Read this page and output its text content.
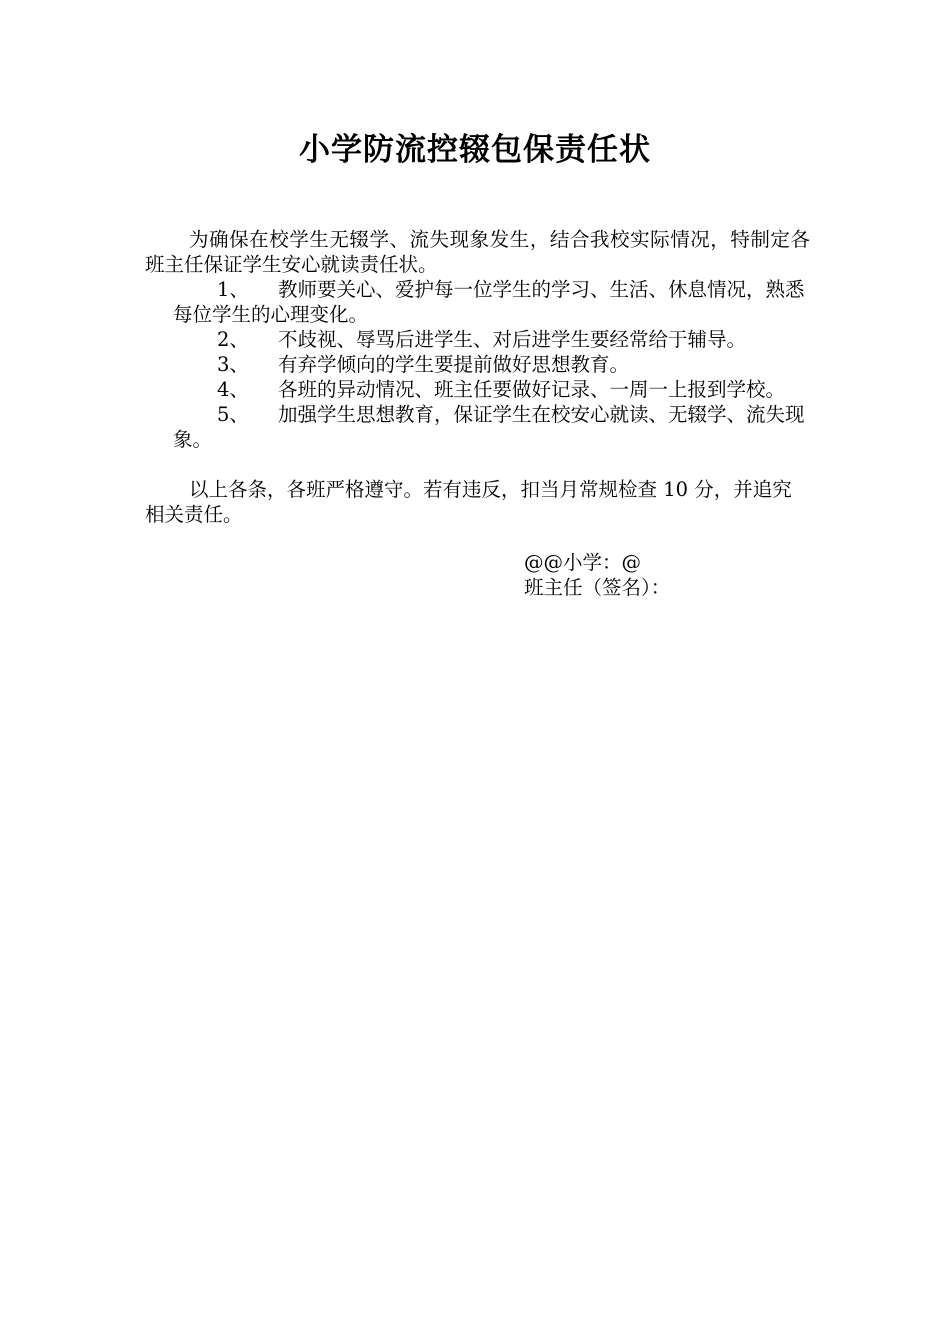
小学防流控辍包保责任状
为确保在校学生无辍学、流失现象发生，结合我校实际情况，特制定各班主任保证学生安心就读责任状。

1、 教师要关心、爱护每一位学生的学习、生活、休息情况，熟悉每位学生的心理变化。

2、 不歧视、辱骂后进学生、对后进学生要经常给于辅导。

3、 有弃学倾向的学生要提前做好思想教育。

4、 各班的异动情况、班主任要做好记录、一周一上报到学校。

5、 加强学生思想教育，保证学生在校安心就读、无辍学、流失现象。

以上各条，各班严格遵守。若有违反，扣当月常规检查 10 分，并追究相关责任。
@@小学：@
班主任（签名）：
